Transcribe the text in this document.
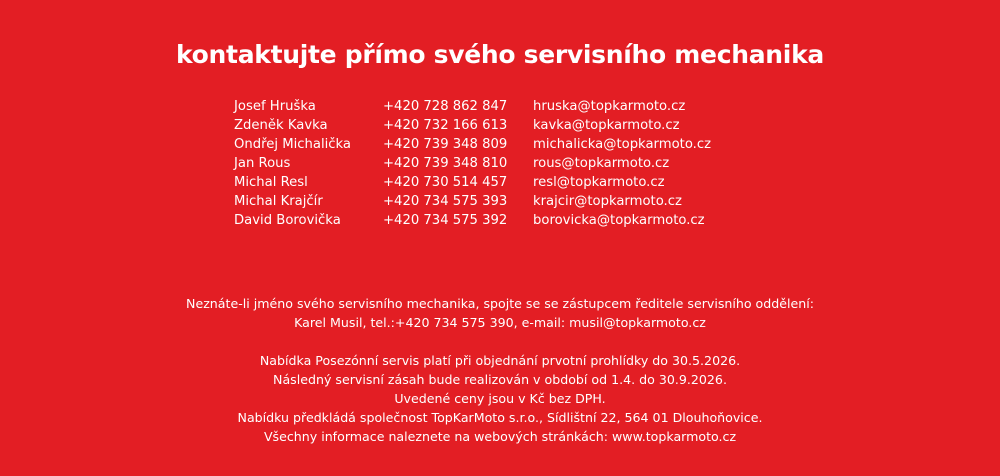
kontaktujte přímo svého servisního mechanika
Josef Hruška	+420 728 862 847	hruska@topkarmoto.cz
Zdeněk Kavka	+420 732 166 613	kavka@topkarmoto.cz
Ondřej Michalička	+420 739 348 809	michalicka@topkarmoto.cz
Jan Rous	+420 739 348 810	rous@topkarmoto.cz
Michal Resl	+420 730 514 457	resl@topkarmoto.cz
Michal Krajčír	+420 734 575 393	krajcir@topkarmoto.cz
David Borovička	+420 734 575 392	borovicka@topkarmoto.cz

Neznáte-li jméno svého servisního mechanika, spojte se se zástupcem ředitele servisního oddělení:

Karel Musil, tel.:+420 734 575 390, e-mail: musil@topkarmoto.cz

Nabídka Posezónní servis platí při objednání prvotní prohlídky do 30.5.2026.

Následný servisní zásah bude realizován v období od 1.4. do 30.9.2026.

Uvedené ceny jsou v Kč bez DPH.

Nabídku předkládá společnost TopKarMoto s.r.o., Sídlištní 22, 564 01 Dlouhoňovice.

Všechny informace naleznete na webových stránkách: www.topkarmoto.cz
